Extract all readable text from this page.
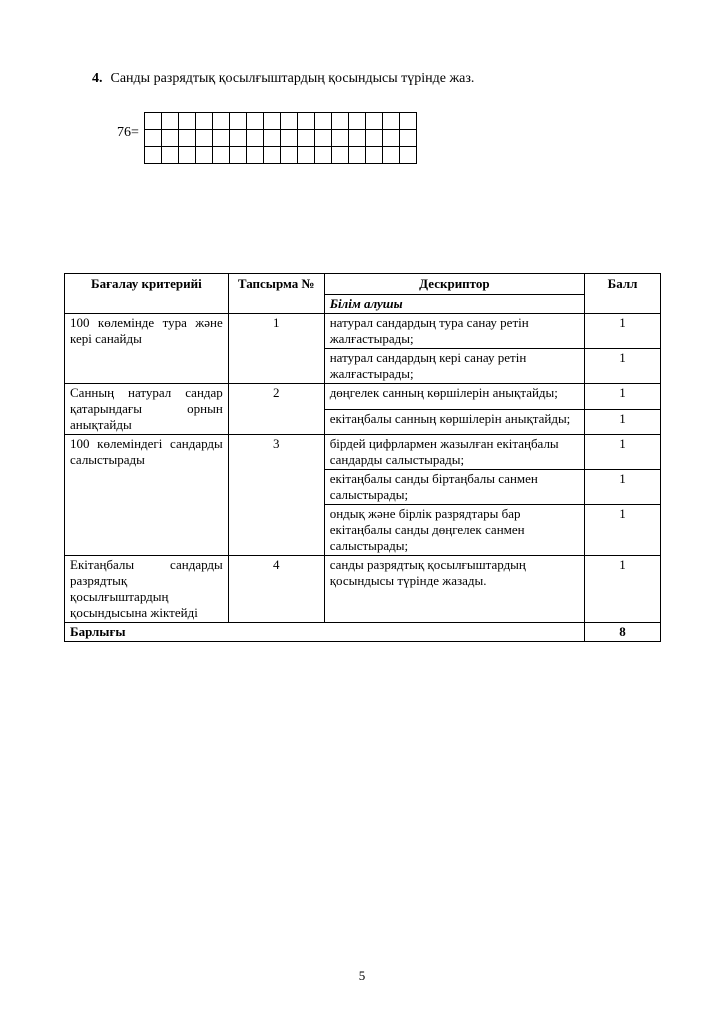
4. Санды разрядтық қосылғыштардың қосындысы түрінде жаз.
76=

Бағалау критерийі	Тапсырма №	Дескриптор	Балл
		Білім алушы	
100 көлемінде тура және кері санайды	1	натурал сандардың тура санау ретін жалғастырады;	1
		натурал сандардың кері санау ретін жалғастырады;	1
Санның натурал сандар қатарындағы орнын анықтайды	2	дөңгелек санның көршілерін анықтайды;	1
		екітаңбалы санның көршілерін анықтайды;	1
100 көлеміндегі сандарды салыстырады	3	бірдей цифрлармен жазылған екітаңбалы сандарды салыстырады;	1
		екітаңбалы санды біртаңбалы санмен салыстырады;	1
		ондық және бірлік разрядтары бар екітаңбалы санды дөңгелек санмен салыстырады;	1
Екітаңбалы сандарды разрядтық қосылғыштардың қосындысына жіктейді	4	санды разрядтық қосылғыштардың қосындысы түрінде жазады.	1
Барлығы			8
5
